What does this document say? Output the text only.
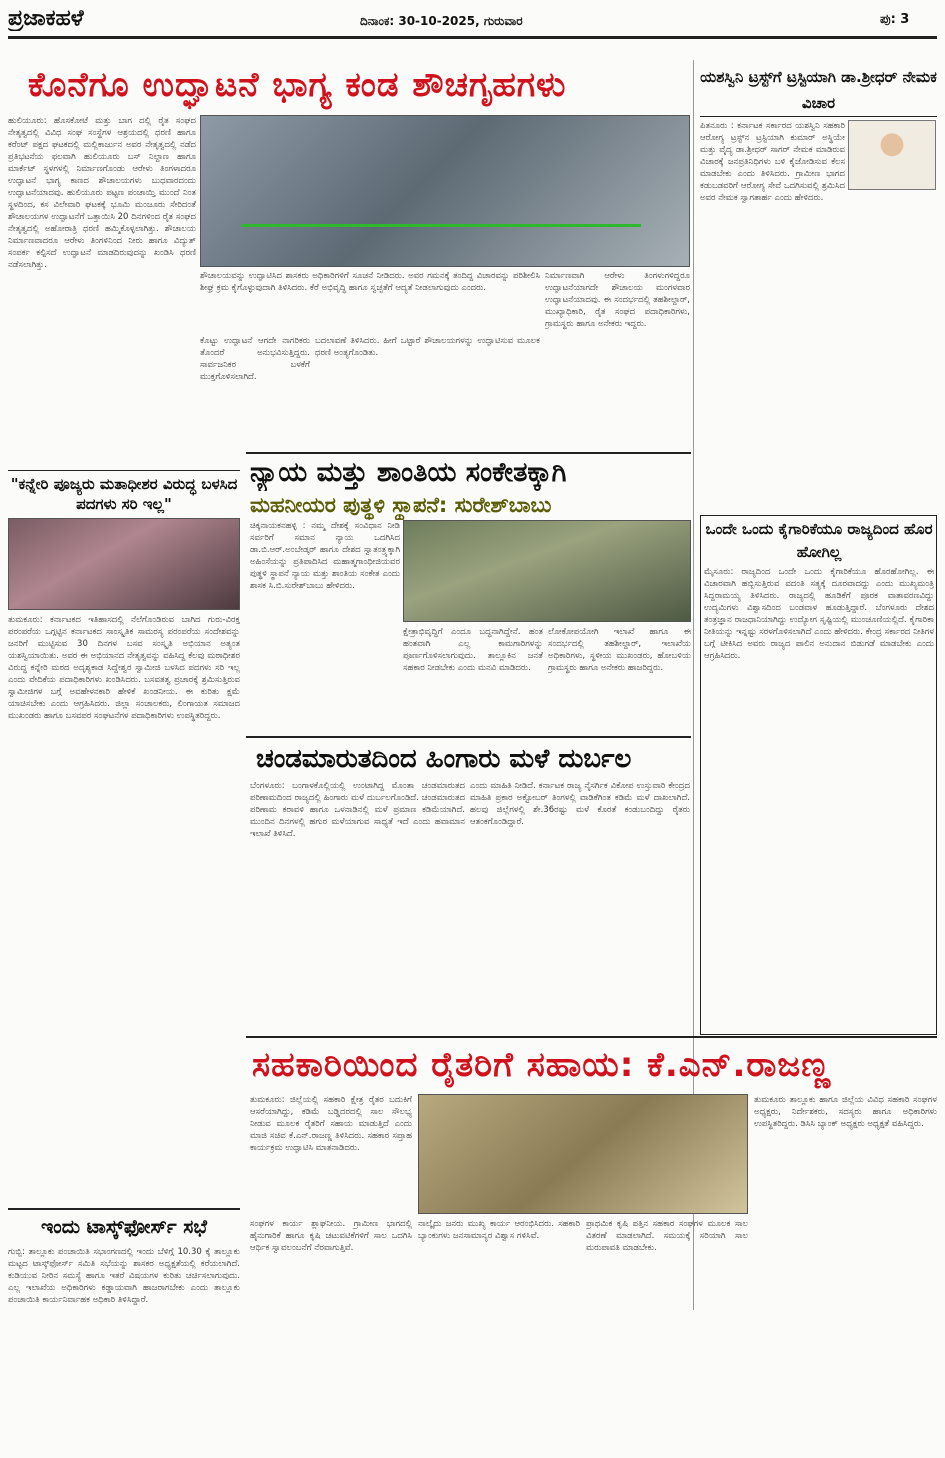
ಪ್ರಜಾಕಹಳೆ	ದಿನಾಂಕ: 30-10-2025, ಗುರುವಾರ	ಪು: 3
ಕೊನೆಗೂ ಉದ್ಘಾಟನೆ ಭಾಗ್ಯ ಕಂಡ ಶೌಚಗೃಹಗಳು
ಹುಲಿಯೂರು: ಹೊಸಕೋಟೆ ಮತ್ತು ಬಾಗ ದಲ್ಲಿ ರೈತ ಸಂಘದ ನೇತೃತ್ವದಲ್ಲಿ ವಿವಿಧ ಸಂಘ ಸಂಸ್ಥೆಗಳ ಆಶ್ರಯದಲ್ಲಿ ಧರಣಿ ಹಾಗೂ ಕರೆಂಟ್ ಪಕ್ಷದ ಘಟಕದಲ್ಲಿ ಮಲ್ಲಿಕಾರ್ಜುನ ಅವರ ನೇತೃತ್ವದಲ್ಲಿ ನಡೆದ ಪ್ರತಿಭಟನೆಯ ಫಲವಾಗಿ ಹುಲಿಯೂರು ಬಸ್ ನಿಲ್ದಾಣ ಹಾಗೂ ಮಾರ್ಕೆಟ್ ಸ್ಥಳಗಳಲ್ಲಿ ನಿರ್ಮಾಣಗೊಂಡು ಆರೇಳು ತಿಂಗಳಾದರೂ ಉದ್ಘಾಟನೆ ಭಾಗ್ಯ ಕಾಣದ ಶೌಚಾಲಯಗಳು ಬುಧವಾರದಂದು ಉದ್ಘಾಟನೆಯಾದವು. ಹುಲಿಯೂರು ಪಟ್ಟಣ ಪಂಚಾಯ್ತಿ ಮುಂದೆ ನಿಂತ ಸ್ಥಳದಿಂದ, ಕಸ ವಿಲೇವಾರಿ ಘಟಕಕ್ಕೆ ಭೂಮಿ ಮಂಜೂರು ಸೇರಿದಂತೆ ಶೌಚಾಲಯಗಳ ಉದ್ಘಾಟನೆಗೆ ಒತ್ತಾಯಿಸಿ 20 ದಿನಗಳಿಂದ ರೈತ ಸಂಘದ ನೇತೃತ್ವದಲ್ಲಿ ಅಹೋರಾತ್ರಿ ಧರಣಿ ಹಮ್ಮಿಕೊಳ್ಳಲಾಗಿತ್ತು. ಶೌಚಾಲಯ ನಿರ್ಮಾಣವಾದರೂ ಆರೇಳು ತಿಂಗಳಿನಿಂದ ನೀರು ಹಾಗೂ ವಿದ್ಯುತ್ ಸಂಪರ್ಕ ಕಲ್ಪಿಸದೆ ಉದ್ಘಾಟನೆ ಮಾಡದಿರುವುದನ್ನು ಖಂಡಿಸಿ ಧರಣಿ ನಡೆಸಲಾಗಿತ್ತು.
ಶೌಚಾಲಯವನ್ನು ಉದ್ಘಾಟಿಸಿದ ಶಾಸಕರು ಅಧಿಕಾರಿಗಳಿಗೆ ಸೂಚನೆ ನೀಡಿದರು. ಅವರ ಗಮನಕ್ಕೆ ತಂದಿದ್ದ ವಿಚಾರವನ್ನು ಪರಿಶೀಲಿಸಿ ಶೀಘ್ರ ಕ್ರಮ ಕೈಗೊಳ್ಳುವುದಾಗಿ ತಿಳಿಸಿದರು. ಕೆರೆ ಅಭಿವೃದ್ಧಿ ಹಾಗೂ ಸ್ವಚ್ಛತೆಗೆ ಆದ್ಯತೆ ನೀಡಲಾಗುವುದು ಎಂದರು.
ಕೊಟ್ಟು ಉದ್ಘಾಟನೆ ಆಗದೇ ನಾಗರಿಕರು ತೊಂದರೆ ಅನುಭವಿಸುತ್ತಿದ್ದರು. ಸಾರ್ವಜನಿಕರ ಬಳಕೆಗೆ ಮುಕ್ತಗೊಳಿಸಲಾಗಿದೆ.
ಬದಲಾವಣೆ ತಿಳಿಸಿದರು. ಹೀಗೆ ಒಟ್ಟಾರೆ ಶೌಚಾಲಯಗಳನ್ನು ಉದ್ಘಾಟಿಸುವ ಮೂಲಕ ಧರಣಿ ಅಂತ್ಯಗೊಂಡಿತು.
ನಿರ್ಮಾಣವಾಗಿ ಆರೇಳು ತಿಂಗಳುಗಳಿದ್ದರೂ ಉದ್ಘಾಟನೆಯಾಗದೇ ಶೌಚಾಲಯ ಮಂಗಳವಾರ ಉದ್ಘಾಟನೆಯಾದವು. ಈ ಸಂದರ್ಭದಲ್ಲಿ ತಹಶೀಲ್ದಾರ್, ಮುಖ್ಯಾಧಿಕಾರಿ, ರೈತ ಸಂಘದ ಪದಾಧಿಕಾರಿಗಳು, ಗ್ರಾಮಸ್ಥರು ಹಾಗೂ ಅನೇಕರು ಇದ್ದರು.
ಯಶಸ್ವಿನಿ ಟ್ರಸ್ಟ್‌ಗೆ ಟ್ರಸ್ಟಿಯಾಗಿ ಡಾ.ಶ್ರೀಧರ್ ನೇಮಕ ವಿಚಾರ
ಪಿತನೂರು : ಕರ್ನಾಟಕ ಸರ್ಕಾರದ ಯಶಸ್ವಿನಿ ಸಹಕಾರಿ ಆರೋಗ್ಯ ಟ್ರಸ್ಟ್‌ನ ಟ್ರಸ್ಟಿಯಾಗಿ ಕುಮಾರ್ ಅಸ್ಥಿಯೇ ಮತ್ತು ವೈದ್ಯ ಡಾ.ಶ್ರೀಧರ್ ಸಾಗರ್ ನೇಮಕ ಮಾಡಿರುವ ವಿಚಾರಕ್ಕೆ ಜನಪ್ರತಿನಿಧಿಗಳು ಬಳಿ ಕೈಜೋಡಿಸುವ ಕೆಲಸ ಮಾಡಬೇಕು ಎಂದು ತಿಳಿಸಿದರು. ಗ್ರಾಮೀಣ ಭಾಗದ ಕಡುಬಡವರಿಗೆ ಆರೋಗ್ಯ ಸೇವೆ ಒದಗಿಸುವಲ್ಲಿ ಶ್ರಮಿಸಿದ ಅವರ ನೇಮಕ ಸ್ವಾಗತಾರ್ಹ ಎಂದು ಹೇಳಿದರು.
"ಕನ್ನೇರಿ ಪೂಜ್ಯರು ಮತಾಧೀಶರ ವಿರುದ್ಧ ಬಳಸಿದ ಪದಗಳು ಸರಿ ಇಲ್ಲ"
ತುಮಕೂರು: ಕರ್ನಾಟಕದ ಇತಿಹಾಸದಲ್ಲಿ ನೆಲೆಗೊಂಡಿರುವ ಬಾಗಿದ ಗುರು-ವಿರಕ್ತ ಪರಂಪರೆಯ ಒಗ್ಗಟ್ಟಿನ ಕರ್ನಾಟಕದ ಸಾಂಸ್ಕೃತಿಕ ಸಾಮರಸ್ಯ ಪರಂಪರೆಯ ಸಂದೇಶವನ್ನು ಜನರಿಗೆ ಮುಟ್ಟಿಸುವ 30 ದಿನಗಳ ಬಸವ ಸಂಸ್ಕೃತಿ ಅಭಿಯಾನ ಅತ್ಯಂತ ಯಶಸ್ವಿಯಾಯಿತು. ಅವರ ಈ ಅಭಿಯಾನದ ನೇತೃತ್ವವನ್ನು ವಹಿಸಿದ್ದ ಕೆಲವು ಮಠಾಧೀಶರ ವಿರುದ್ಧ ಕನ್ನೇರಿ ಮಠದ ಅದೃಶ್ಯಕಾಡ ಸಿದ್ದೇಶ್ವರ ಸ್ವಾಮೀಜಿ ಬಳಸಿದ ಪದಗಳು ಸರಿ ಇಲ್ಲ ಎಂದು ವೇದಿಕೆಯ ಪದಾಧಿಕಾರಿಗಳು ಖಂಡಿಸಿದರು. ಬಸವತತ್ವ ಪ್ರಚಾರಕ್ಕೆ ಶ್ರಮಿಸುತ್ತಿರುವ ಸ್ವಾಮೀಜಿಗಳ ಬಗ್ಗೆ ಅವಹೇಳನಕಾರಿ ಹೇಳಿಕೆ ಖಂಡನೀಯ. ಈ ಕುರಿತು ಕ್ಷಮೆ ಯಾಚಿಸಬೇಕು ಎಂದು ಆಗ್ರಹಿಸಿದರು. ಜಿಲ್ಲಾ ಸಂಚಾಲಕರು, ಲಿಂಗಾಯತ ಸಮಾಜದ ಮುಖಂಡರು ಹಾಗೂ ಬಸವಪರ ಸಂಘಟನೆಗಳ ಪದಾಧಿಕಾರಿಗಳು ಉಪಸ್ಥಿತರಿದ್ದರು.
ನ್ಯಾಯ ಮತ್ತು ಶಾಂತಿಯ ಸಂಕೇತಕ್ಕಾಗಿ
ಮಹನೀಯರ ಪುತ್ಥಳಿ ಸ್ಥಾಪನೆ: ಸುರೇಶ್‌ಬಾಬು
ಚಿಕ್ಕನಾಯಕನಹಳ್ಳಿ : ನಮ್ಮ ದೇಶಕ್ಕೆ ಸಂವಿಧಾನ ನೀಡಿ ಸರ್ವರಿಗೆ ಸಮಾನ ನ್ಯಾಯ ಒದಗಿಸಿದ ಡಾ.ಬಿ.ಆರ್.ಅಂಬೇಡ್ಕರ್ ಹಾಗೂ ದೇಶದ ಸ್ವಾತಂತ್ರ್ಯಕ್ಕಾಗಿ ಅಹಿಂಸೆಯನ್ನು ಪ್ರತಿಪಾದಿಸಿದ ಮಹಾತ್ಮಗಾಂಧೀಜಿಯವರ ಪುತ್ಥಳಿ ಸ್ಥಾಪನೆ ನ್ಯಾಯ ಮತ್ತು ಶಾಂತಿಯ ಸಂಕೇತ ಎಂದು ಶಾಸಕ ಸಿ.ಬಿ.ಸುರೇಶ್‌ಬಾಬು ಹೇಳಿದರು.
ಕ್ಷೇತ್ರಾಭಿವೃದ್ಧಿಗೆ ಎಂದೂ ಬದ್ಧನಾಗಿದ್ದೇನೆ. ಹಂತ ಹಂತವಾಗಿ ಎಲ್ಲ ಕಾಮಗಾರಿಗಳನ್ನು ಪೂರ್ಣಗೊಳಿಸಲಾಗುವುದು. ತಾಲ್ಲೂಕಿನ ಜನತೆ ಸಹಕಾರ ನೀಡಬೇಕು ಎಂದು ಮನವಿ ಮಾಡಿದರು.
ಲೋಕೋಪಯೋಗಿ ಇಲಾಖೆ ಹಾಗೂ ಈ ಸಂದರ್ಭದಲ್ಲಿ ತಹಶೀಲ್ದಾರ್, ಇಲಾಖೆಯ ಅಧಿಕಾರಿಗಳು, ಸ್ಥಳೀಯ ಮುಖಂಡರು, ಹೋಬಳಿಯ ಗ್ರಾಮಸ್ಥರು ಹಾಗೂ ಅನೇಕರು ಹಾಜರಿದ್ದರು.
ಒಂದೇ ಒಂದು ಕೈಗಾರಿಕೆಯೂ ರಾಜ್ಯದಿಂದ ಹೊರ ಹೋಗಿಲ್ಲ
ಮೈಸೂರು: ರಾಜ್ಯದಿಂದ ಒಂದೇ ಒಂದು ಕೈಗಾರಿಕೆಯೂ ಹೊರಹೋಗಿಲ್ಲ. ಈ ವಿಚಾರವಾಗಿ ಹಬ್ಬಿಸುತ್ತಿರುವ ವದಂತಿ ಸತ್ಯಕ್ಕೆ ದೂರವಾದದ್ದು ಎಂದು ಮುಖ್ಯಮಂತ್ರಿ ಸಿದ್ದರಾಮಯ್ಯ ತಿಳಿಸಿದರು. ರಾಜ್ಯದಲ್ಲಿ ಹೂಡಿಕೆಗೆ ಪೂರಕ ವಾತಾವರಣವಿದ್ದು ಉದ್ಯಮಿಗಳು ವಿಶ್ವಾಸದಿಂದ ಬಂಡವಾಳ ಹೂಡುತ್ತಿದ್ದಾರೆ. ಬೆಂಗಳೂರು ದೇಶದ ತಂತ್ರಜ್ಞಾನ ರಾಜಧಾನಿಯಾಗಿದ್ದು ಉದ್ಯೋಗ ಸೃಷ್ಟಿಯಲ್ಲಿ ಮುಂಚೂಣಿಯಲ್ಲಿದೆ. ಕೈಗಾರಿಕಾ ನೀತಿಯನ್ನು ಇನ್ನಷ್ಟು ಸರಳಗೊಳಿಸಲಾಗಿದೆ ಎಂದು ಹೇಳಿದರು. ಕೇಂದ್ರ ಸರ್ಕಾರದ ನೀತಿಗಳ ಬಗ್ಗೆ ಟೀಕಿಸಿದ ಅವರು ರಾಜ್ಯದ ಪಾಲಿನ ಅನುದಾನ ಬಿಡುಗಡೆ ಮಾಡಬೇಕು ಎಂದು ಆಗ್ರಹಿಸಿದರು.
ಚಂಡಮಾರುತದಿಂದ ಹಿಂಗಾರು ಮಳೆ ದುರ್ಬಲ
ಬೆಂಗಳೂರು: ಬಂಗಾಳಕೊಲ್ಲಿಯಲ್ಲಿ ಉಂಟಾಗಿದ್ದ ಮೊಂತಾ ಚಂಡಮಾರುತದ ಪರಿಣಾಮದಿಂದ ರಾಜ್ಯದಲ್ಲಿ ಹಿಂಗಾರು ಮಳೆ ದುರ್ಬಲಗೊಂಡಿದೆ. ಚಂಡಮಾರುತದ ಪರಿಣಾಮ ಕರಾವಳಿ ಹಾಗೂ ಒಳನಾಡಿನಲ್ಲಿ ಮಳೆ ಪ್ರಮಾಣ ಕಡಿಮೆಯಾಗಿದೆ. ಮುಂದಿನ ದಿನಗಳಲ್ಲಿ ಹಗುರ ಮಳೆಯಾಗುವ ಸಾಧ್ಯತೆ ಇದೆ ಎಂದು ಹವಾಮಾನ ಇಲಾಖೆ ತಿಳಿಸಿದೆ.
ಎಂದು ಮಾಹಿತಿ ನೀಡಿದೆ. ಕರ್ನಾಟಕ ರಾಜ್ಯ ನೈಸರ್ಗಿಕ ವಿಕೋಪ ಉಸ್ತುವಾರಿ ಕೇಂದ್ರದ ಮಾಹಿತಿ ಪ್ರಕಾರ ಅಕ್ಟೋಬರ್ ತಿಂಗಳಲ್ಲಿ ವಾಡಿಕೆಗಿಂತ ಕಡಿಮೆ ಮಳೆ ದಾಖಲಾಗಿದೆ. ಹಲವು ಜಿಲ್ಲೆಗಳಲ್ಲಿ ಶೇ.36ರಷ್ಟು ಮಳೆ ಕೊರತೆ ಕಂಡುಬಂದಿದ್ದು ರೈತರು ಆತಂಕಗೊಂಡಿದ್ದಾರೆ.
ಸಹಕಾರಿಯಿಂದ ರೈತರಿಗೆ ಸಹಾಯ: ಕೆ.ಎನ್.ರಾಜಣ್ಣ
ತುಮಕೂರು: ಜಿಲ್ಲೆಯಲ್ಲಿ ಸಹಕಾರಿ ಕ್ಷೇತ್ರ ರೈತರ ಬದುಕಿಗೆ ಆಸರೆಯಾಗಿದ್ದು, ಕಡಿಮೆ ಬಡ್ಡಿದರದಲ್ಲಿ ಸಾಲ ಸೌಲಭ್ಯ ನೀಡುವ ಮೂಲಕ ರೈತರಿಗೆ ಸಹಾಯ ಮಾಡುತ್ತಿದೆ ಎಂದು ಮಾಜಿ ಸಚಿವ ಕೆ.ಎನ್.ರಾಜಣ್ಣ ತಿಳಿಸಿದರು. ಸಹಕಾರ ಸಪ್ತಾಹ ಕಾರ್ಯಕ್ರಮ ಉದ್ಘಾಟಿಸಿ ಮಾತನಾಡಿದರು.
ಸಂಘಗಳ ಕಾರ್ಯ ಶ್ಲಾಘನೀಯ. ಗ್ರಾಮೀಣ ಭಾಗದಲ್ಲಿ ಹೈನುಗಾರಿಕೆ ಹಾಗೂ ಕೃಷಿ ಚಟುವಟಿಕೆಗಳಿಗೆ ಸಾಲ ಒದಗಿಸಿ ಆರ್ಥಿಕ ಸ್ವಾವಲಂಬನೆಗೆ ನೆರವಾಗುತ್ತಿವೆ.
ನಾಲ್ಕೈದು ಜನರು ಮುಖ್ಯ ಕಾರ್ಯ ಆರಂಭಿಸಿದರು. ಸಹಕಾರಿ ಬ್ಯಾಂಕುಗಳು ಜನಸಾಮಾನ್ಯರ ವಿಶ್ವಾಸ ಗಳಿಸಿವೆ.
ಪ್ರಾಥಮಿಕ ಕೃಷಿ ಪತ್ತಿನ ಸಹಕಾರ ಸಂಘಗಳ ಮೂಲಕ ಸಾಲ ವಿತರಣೆ ಮಾಡಲಾಗಿದೆ. ಸಮಯಕ್ಕೆ ಸರಿಯಾಗಿ ಸಾಲ ಮರುಪಾವತಿ ಮಾಡಬೇಕು.
ತುಮಕೂರು ತಾಲ್ಲೂಕು ಹಾಗೂ ಜಿಲ್ಲೆಯ ವಿವಿಧ ಸಹಕಾರಿ ಸಂಘಗಳ ಅಧ್ಯಕ್ಷರು, ನಿರ್ದೇಶಕರು, ಸದಸ್ಯರು ಹಾಗೂ ಅಧಿಕಾರಿಗಳು ಉಪಸ್ಥಿತರಿದ್ದರು. ಡಿಸಿಸಿ ಬ್ಯಾಂಕ್ ಅಧ್ಯಕ್ಷರು ಅಧ್ಯಕ್ಷತೆ ವಹಿಸಿದ್ದರು.
ಇಂದು ಟಾಸ್ಕ್‌ಫೋರ್ಸ್ ಸಭೆ
ಗುಬ್ಬಿ: ತಾಲ್ಲೂಕು ಪಂಚಾಯಿತಿ ಸಭಾಂಗಣದಲ್ಲಿ ಇಂದು ಬೆಳಿಗ್ಗೆ 10.30 ಕ್ಕೆ ತಾಲ್ಲೂಕು ಮಟ್ಟದ ಟಾಸ್ಕ್‌ಫೋರ್ಸ್ ಸಮಿತಿ ಸಭೆಯನ್ನು ಶಾಸಕರ ಅಧ್ಯಕ್ಷತೆಯಲ್ಲಿ ಕರೆಯಲಾಗಿದೆ. ಕುಡಿಯುವ ನೀರಿನ ಸಮಸ್ಯೆ ಹಾಗೂ ಇತರೆ ವಿಷಯಗಳ ಕುರಿತು ಚರ್ಚಿಸಲಾಗುವುದು. ಎಲ್ಲ ಇಲಾಖೆಯ ಅಧಿಕಾರಿಗಳು ಕಡ್ಡಾಯವಾಗಿ ಹಾಜರಾಗಬೇಕು ಎಂದು ತಾಲ್ಲೂಕು ಪಂಚಾಯಿತಿ ಕಾರ್ಯನಿರ್ವಾಹಕ ಅಧಿಕಾರಿ ತಿಳಿಸಿದ್ದಾರೆ.
